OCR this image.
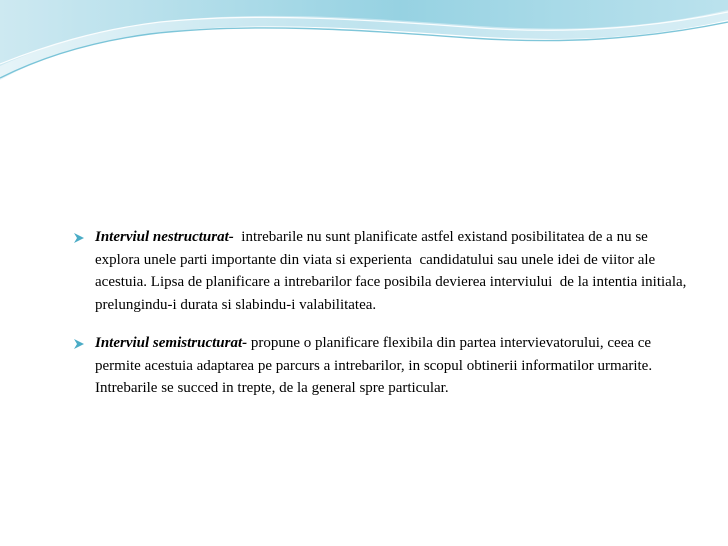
Interviul nestructurat-  intrebarile nu sunt planificate astfel existand posibilitatea de a nu se explora unele parti importante din viata si experienta  candidatului sau unele idei de viitor ale acestuia. Lipsa de planificare a intrebarilor face posibila devierea interviului  de la intentia initiala, prelungindu-i durata si slabindu-i valabilitatea.
Interviul semistructurat- propune o planificare flexibila din partea intervievatorului, ceea ce permite acestuia adaptarea pe parcurs a intrebarilor, in scopul obtinerii informatilor urmarite. Intrebarile se succed in trepte, de la general spre particular.
